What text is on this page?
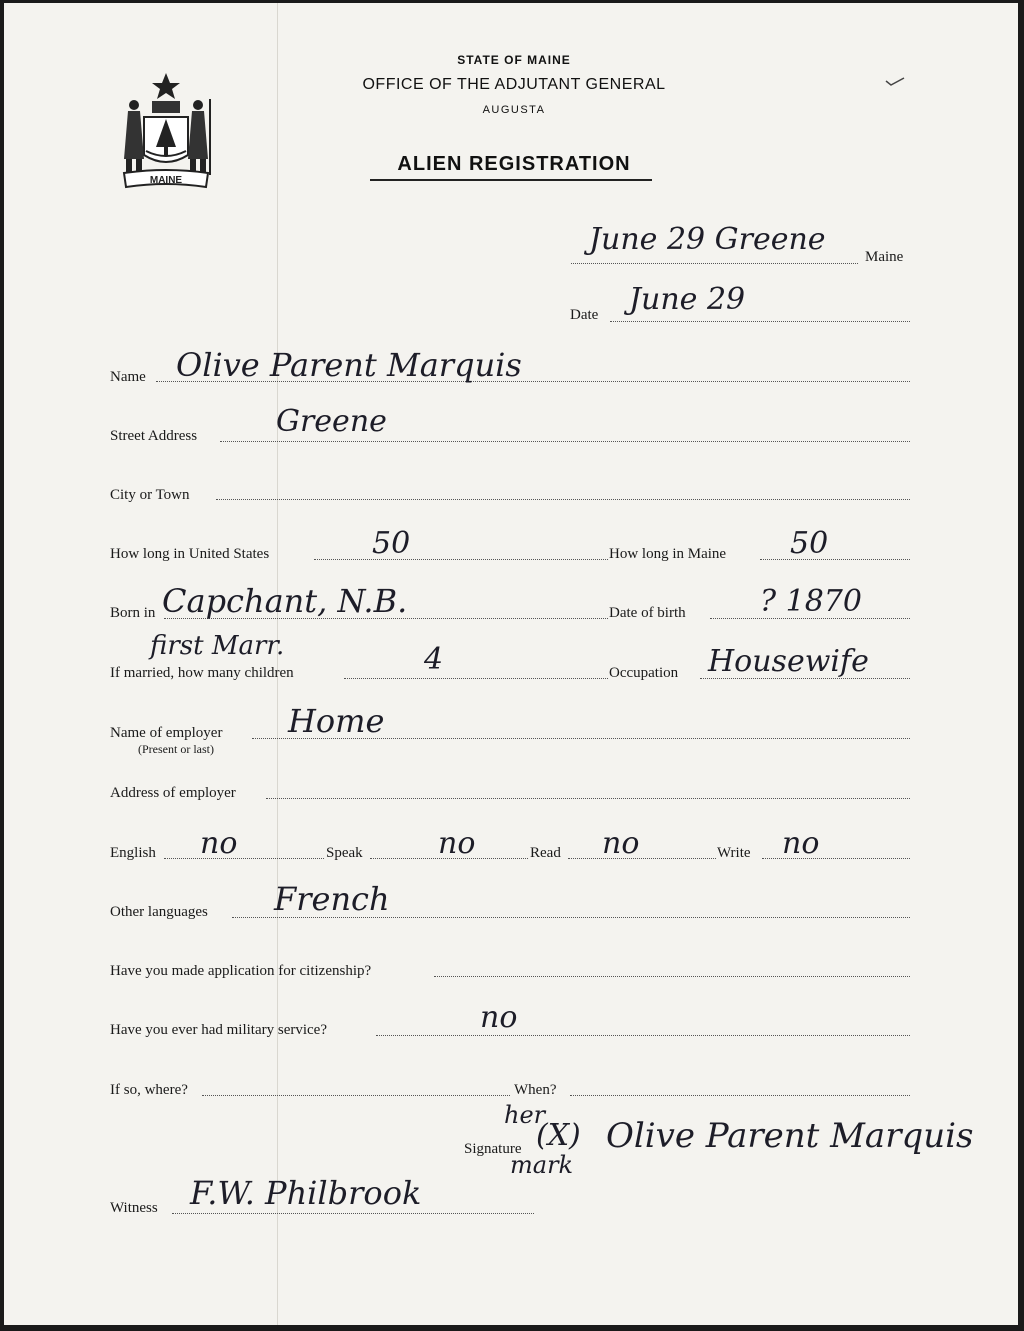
MAINE
STATE OF MAINE
OFFICE OF THE ADJUTANT GENERAL
AUGUSTA
ALIEN REGISTRATION
June 29 Greene	Maine
Date June 29
Name Olive Parent Marquis
Street Address	Greene
City or Town
How long in United States	50	How long in Maine 50
Born in Capchant, N.B.	Date of birth ? 1870
first Marr.
If married, how many children	4	Occupation Housewife
Name of employer
(Present or last)
Home
Address of employer
English no	Speak	no	Read no	Write no
Other languages French
Have you made application for citizenship?
Have you ever had military service?	no
If so, where?	When?
Signature
her
(X)
mark
Olive Parent Marquis
Witness F.W. Philbrook
